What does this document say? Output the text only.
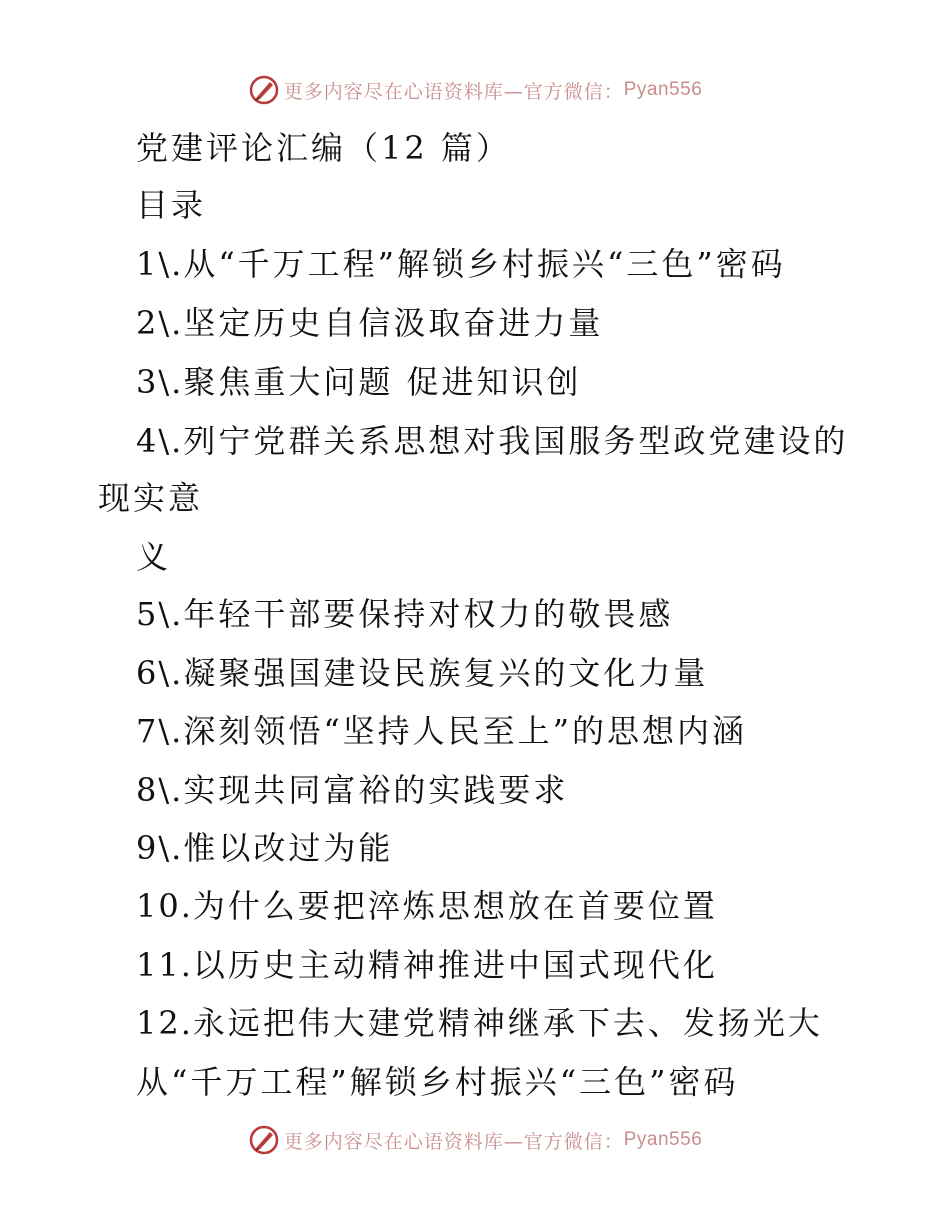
更多内容尽在心语资料库—官方微信： Pyan556
党建评论汇编（12 篇）
目录
1\.从“千万工程”解锁乡村振兴“三色”密码
2\.坚定历史自信汲取奋进力量
3\.聚焦重大问题 促进知识创
4\.列宁党群关系思想对我国服务型政党建设的
现实意
义
5\.年轻干部要保持对权力的敬畏感
6\.凝聚强国建设民族复兴的文化力量
7\.深刻领悟“坚持人民至上”的思想内涵
8\.实现共同富裕的实践要求
9\.惟以改过为能
10.为什么要把淬炼思想放在首要位置
11.以历史主动精神推进中国式现代化
12.永远把伟大建党精神继承下去、发扬光大
从“千万工程”解锁乡村振兴“三色”密码
更多内容尽在心语资料库—官方微信： Pyan556
